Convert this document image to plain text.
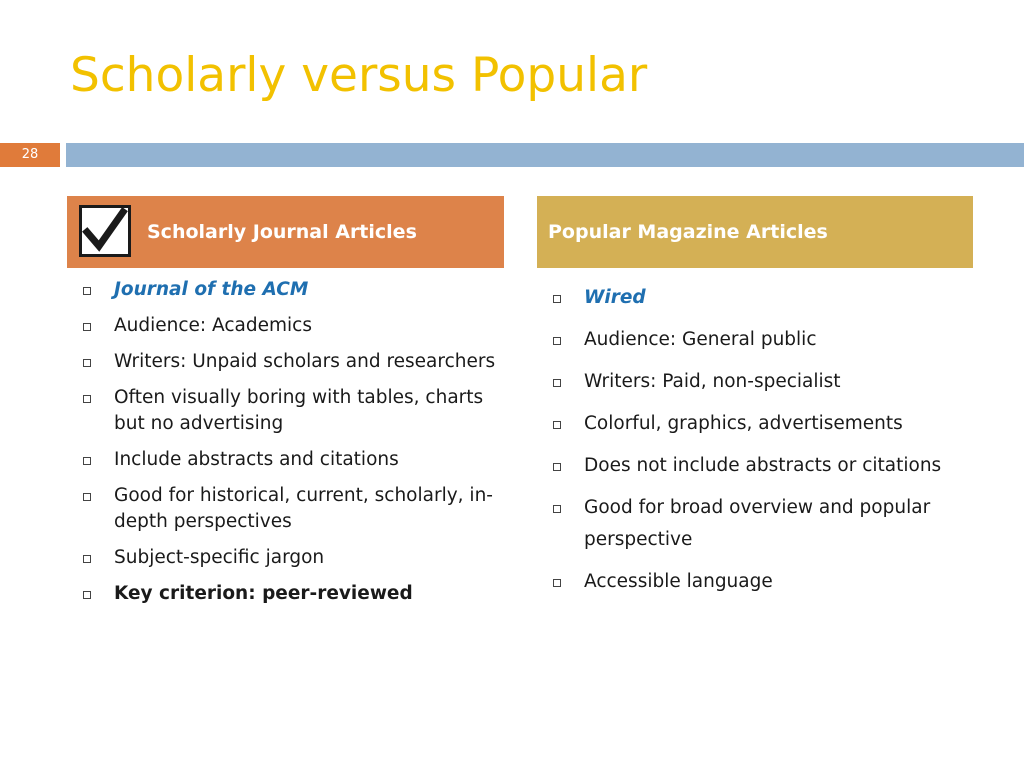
Scholarly versus Popular
28
Scholarly Journal Articles	Popular Magazine Articles
Journal of the ACM
Audience: Academics
Writers: Unpaid scholars and researchers
Often visually boring with tables, charts but no advertising
Include abstracts and citations
Good for historical, current, scholarly, in-depth perspectives
Subject-specific jargon
Key criterion: peer-reviewed
Wired
Audience: General public
Writers: Paid, non-specialist
Colorful, graphics, advertisements
Does not include abstracts or citations
Good for broad overview and popular perspective
Accessible language
